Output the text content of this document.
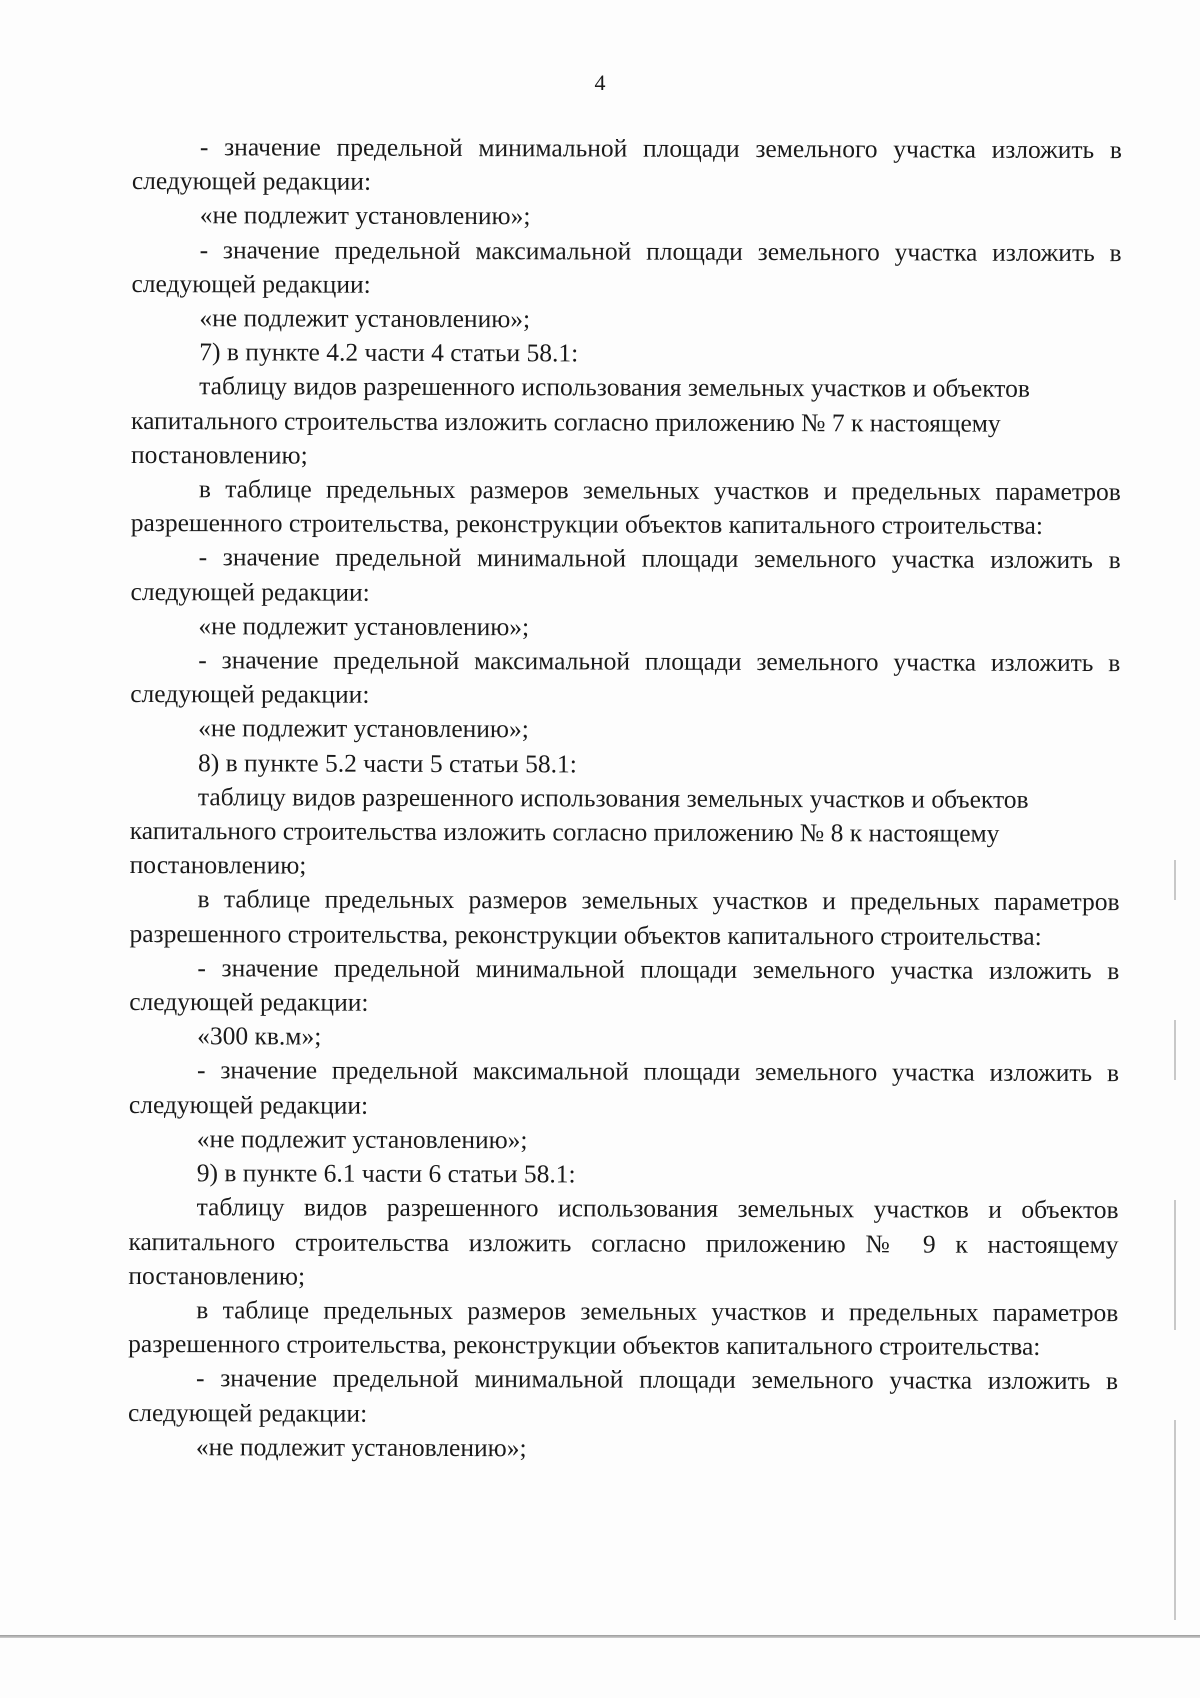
4

- значение предельной минимальной площади земельного участка изложить в следующей редакции:

«не подлежит установлению»;

- значение предельной максимальной площади земельного участка изложить в следующей редакции:

«не подлежит установлению»;

7) в пункте 4.2 части 4 статьи 58.1:

таблицу видов разрешенного использования земельных участков и объектов капитального строительства изложить согласно приложению № 7 к настоящему постановлению;

в таблице предельных размеров земельных участков и предельных параметров разрешенного строительства, реконструкции объектов капитального строительства:

- значение предельной минимальной площади земельного участка изложить в следующей редакции:

«не подлежит установлению»;

- значение предельной максимальной площади земельного участка изложить в следующей редакции:

«не подлежит установлению»;

8) в пункте 5.2 части 5 статьи 58.1:

таблицу видов разрешенного использования земельных участков и объектов капитального строительства изложить согласно приложению № 8 к настоящему постановлению;

в таблице предельных размеров земельных участков и предельных параметров разрешенного строительства, реконструкции объектов капитального строительства:

- значение предельной минимальной площади земельного участка изложить в следующей редакции:

«300 кв.м»;

- значение предельной максимальной площади земельного участка изложить в следующей редакции:

«не подлежит установлению»;

9) в пункте 6.1 части 6 статьи 58.1:

таблицу видов разрешенного использования земельных участков и объектов капитального строительства изложить согласно приложению № 9 к настоящему постановлению;

в таблице предельных размеров земельных участков и предельных параметров разрешенного строительства, реконструкции объектов капитального строительства:

- значение предельной минимальной площади земельного участка изложить в следующей редакции:

«не подлежит установлению»;
